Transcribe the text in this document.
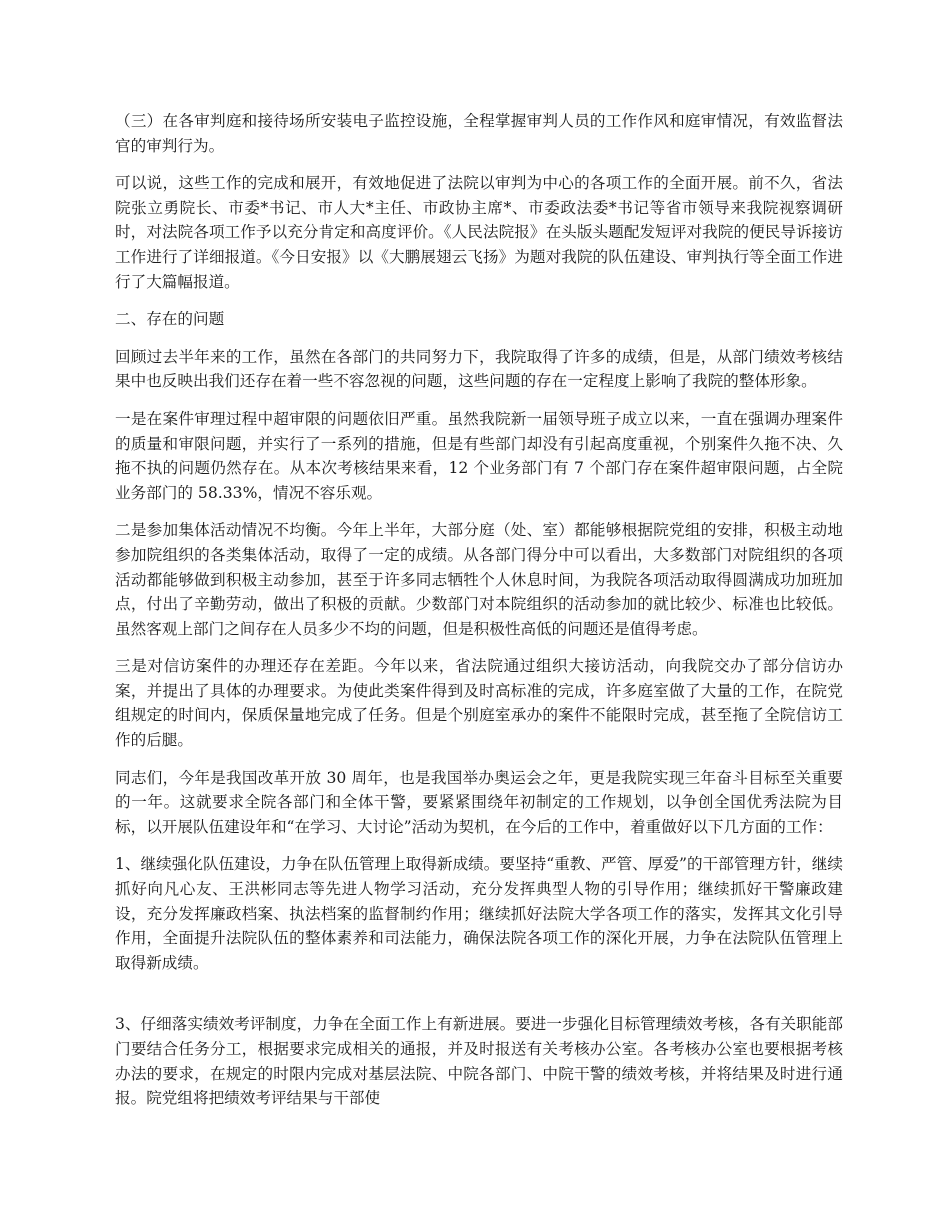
（三）在各审判庭和接待场所安装电子监控设施，全程掌握审判人员的工作作风和庭审情况，有效监督法官的审判行为。

可以说，这些工作的完成和展开，有效地促进了法院以审判为中心的各项工作的全面开展。前不久，省法院张立勇院长、市委*书记、市人大*主任、市政协主席*、市委政法委*书记等省市领导来我院视察调研时，对法院各项工作予以充分肯定和高度评价。《人民法院报》在头版头题配发短评对我院的便民导诉接访工作进行了详细报道。《今日安报》以《大鹏展翅云飞扬》为题对我院的队伍建设、审判执行等全面工作进行了大篇幅报道。

二、存在的问题

回顾过去半年来的工作，虽然在各部门的共同努力下，我院取得了许多的成绩，但是，从部门绩效考核结果中也反映出我们还存在着一些不容忽视的问题，这些问题的存在一定程度上影响了我院的整体形象。

一是在案件审理过程中超审限的问题依旧严重。虽然我院新一届领导班子成立以来，一直在强调办理案件的质量和审限问题，并实行了一系列的措施，但是有些部门却没有引起高度重视，个别案件久拖不决、久拖不执的问题仍然存在。从本次考核结果来看，12 个业务部门有 7 个部门存在案件超审限问题，占全院业务部门的 58.33%，情况不容乐观。

二是参加集体活动情况不均衡。今年上半年，大部分庭（处、室）都能够根据院党组的安排，积极主动地参加院组织的各类集体活动，取得了一定的成绩。从各部门得分中可以看出，大多数部门对院组织的各项活动都能够做到积极主动参加，甚至于许多同志牺牲个人休息时间，为我院各项活动取得圆满成功加班加点，付出了辛勤劳动，做出了积极的贡献。少数部门对本院组织的活动参加的就比较少、标准也比较低。虽然客观上部门之间存在人员多少不均的问题，但是积极性高低的问题还是值得考虑。

三是对信访案件的办理还存在差距。今年以来，省法院通过组织大接访活动，向我院交办了部分信访办案，并提出了具体的办理要求。为使此类案件得到及时高标准的完成，许多庭室做了大量的工作，在院党组规定的时间内，保质保量地完成了任务。但是个别庭室承办的案件不能限时完成，甚至拖了全院信访工作的后腿。

同志们，今年是我国改革开放 30 周年，也是我国举办奥运会之年，更是我院实现三年奋斗目标至关重要的一年。这就要求全院各部门和全体干警，要紧紧围绕年初制定的工作规划，以争创全国优秀法院为目标，以开展队伍建设年和“在学习、大讨论”活动为契机，在今后的工作中，着重做好以下几方面的工作：

1、继续强化队伍建设，力争在队伍管理上取得新成绩。要坚持“重教、严管、厚爱”的干部管理方针，继续抓好向凡心友、王洪彬同志等先进人物学习活动，充分发挥典型人物的引导作用；继续抓好干警廉政建设，充分发挥廉政档案、执法档案的监督制约作用；继续抓好法院大学各项工作的落实，发挥其文化引导作用，全面提升法院队伍的整体素养和司法能力，确保法院各项工作的深化开展，力争在法院队伍管理上取得新成绩。

3、仔细落实绩效考评制度，力争在全面工作上有新进展。要进一步强化目标管理绩效考核，各有关职能部门要结合任务分工，根据要求完成相关的通报，并及时报送有关考核办公室。各考核办公室也要根据考核办法的要求，在规定的时限内完成对基层法院、中院各部门、中院干警的绩效考核，并将结果及时进行通报。院党组将把绩效考评结果与干部使
